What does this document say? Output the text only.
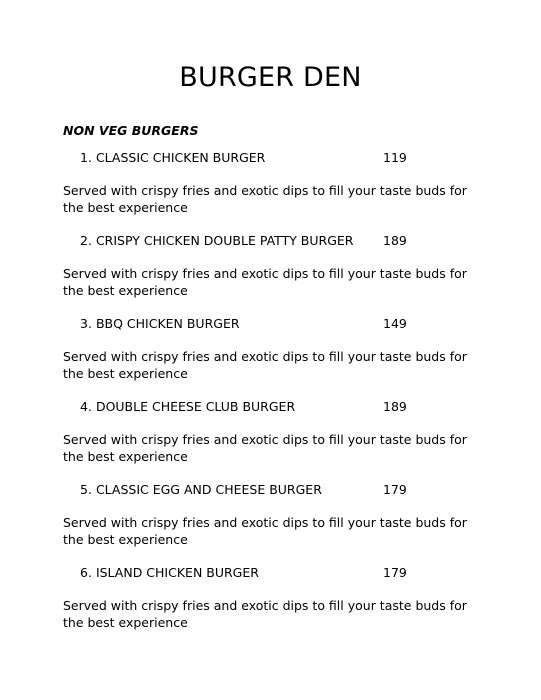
BURGER DEN
NON VEG BURGERS
1. CLASSIC CHICKEN BURGER	119

Served with crispy fries and exotic dips to fill your taste buds for the best experience

2. CRISPY CHICKEN DOUBLE PATTY BURGER 189

Served with crispy fries and exotic dips to fill your taste buds for the best experience

3. BBQ CHICKEN BURGER	149

Served with crispy fries and exotic dips to fill your taste buds for the best experience

4. DOUBLE CHEESE CLUB BURGER	189

Served with crispy fries and exotic dips to fill your taste buds for the best experience

5. CLASSIC EGG AND CHEESE BURGER	179

Served with crispy fries and exotic dips to fill your taste buds for the best experience

6. ISLAND CHICKEN BURGER	179

Served with crispy fries and exotic dips to fill your taste buds for the best experience
